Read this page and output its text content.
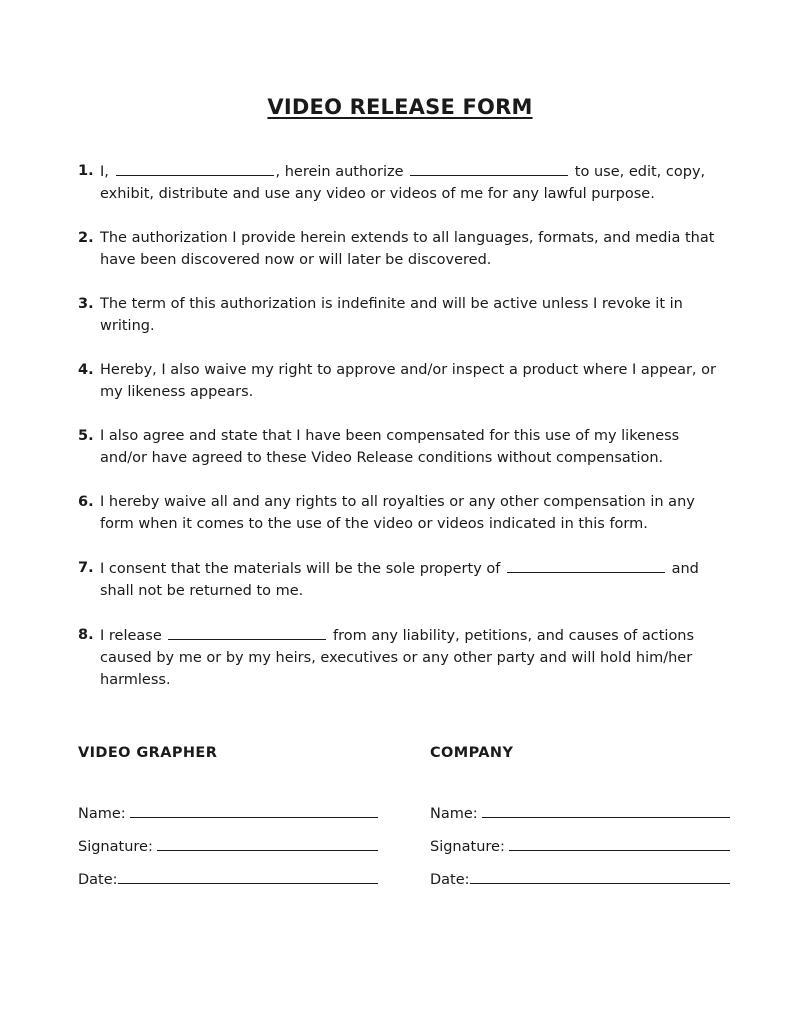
VIDEO RELEASE FORM
1. I,	, herein authorize	to use, edit, copy, exhibit, distribute and use any video or videos of me for any lawful purpose.
2. The authorization I provide herein extends to all languages, formats, and media that have been discovered now or will later be discovered.
3. The term of this authorization is indefinite and will be active unless I revoke it in writing.
4. Hereby, I also waive my right to approve and/or inspect a product where I appear, or my likeness appears.
5. I also agree and state that I have been compensated for this use of my likeness and/or have agreed to these Video Release conditions without compensation.
6. I hereby waive all and any rights to all royalties or any other compensation in any form when it comes to the use of the video or videos indicated in this form.
7. I consent that the materials will be the sole property of	and shall not be returned to me.
8. I release	from any liability, petitions, and causes of actions caused by me or by my heirs, executives or any other party and will hold him/her harmless.
VIDEO GRAPHER
Name:
Signature:
Date:
COMPANY
Name:
Signature:
Date:
